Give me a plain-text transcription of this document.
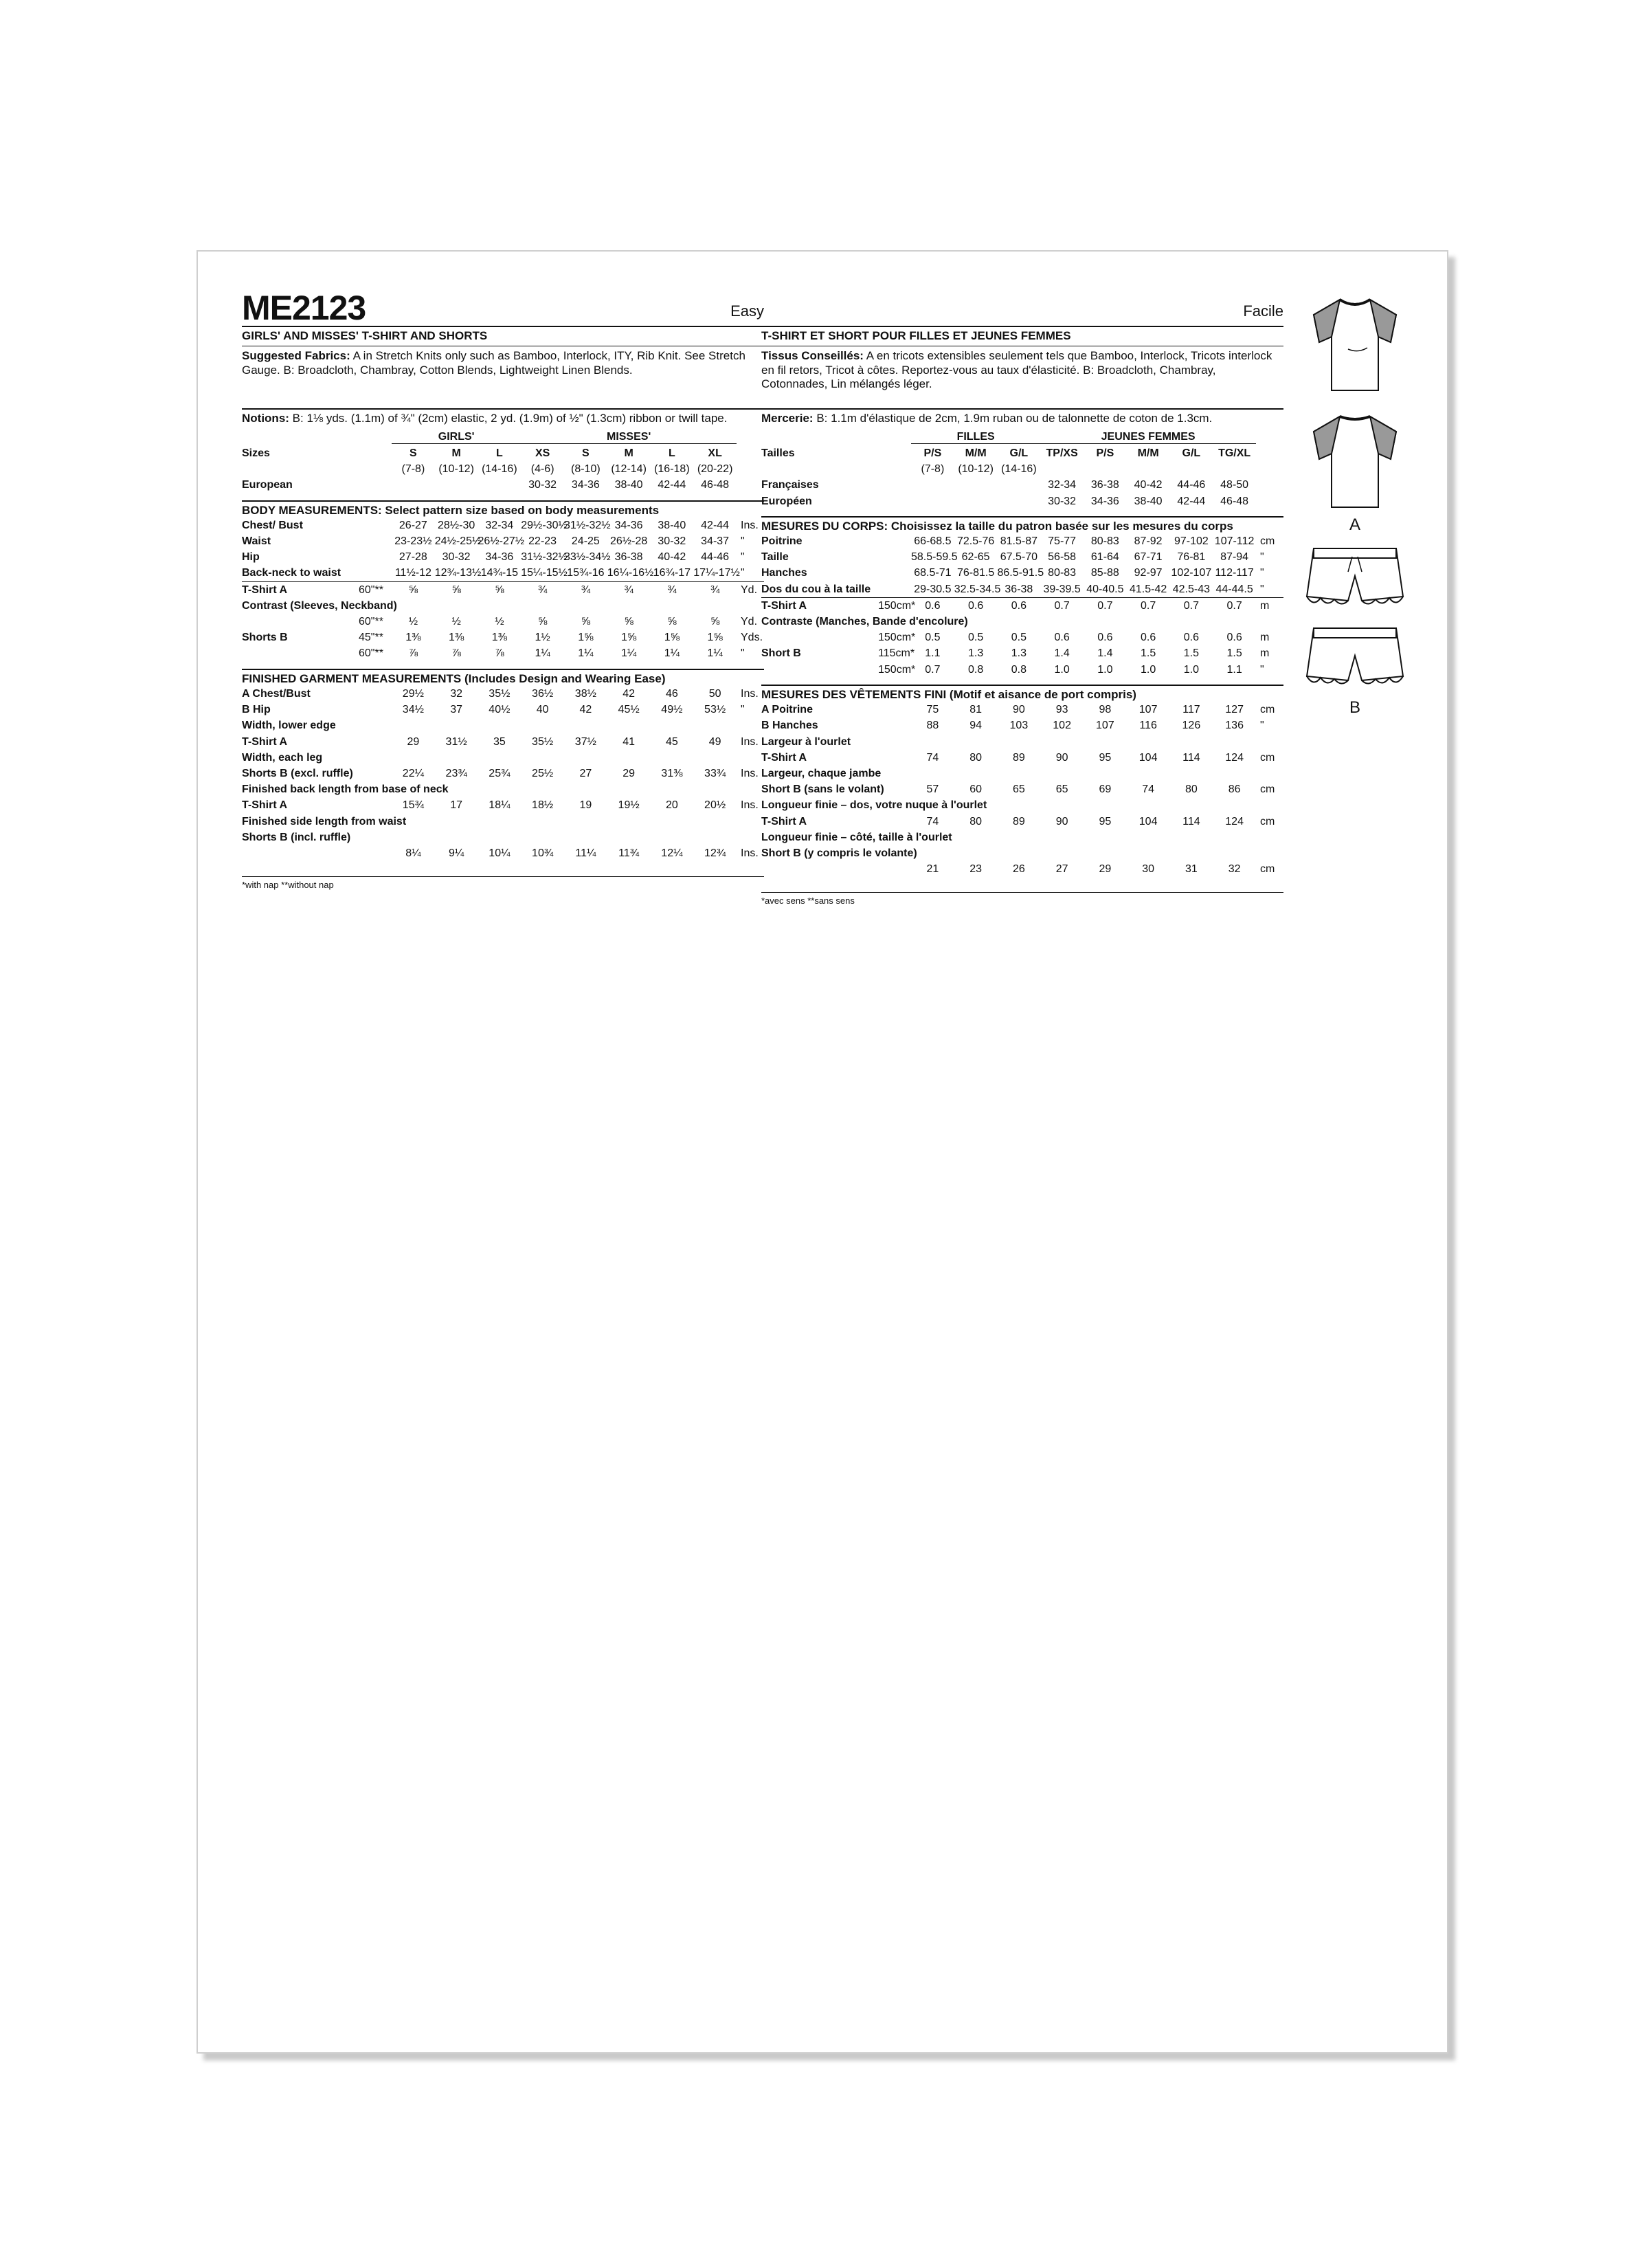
ME2123	Easy
GIRLS' AND MISSES' T-SHIRT AND SHORTS
Suggested Fabrics: A in Stretch Knits only such as Bamboo, Interlock, ITY, Rib Knit. See Stretch Gauge. B: Broadcloth, Chambray, Cotton Blends, Lightweight Linen Blends.
Notions: B: 1⅛ yds. (1.1m) of ¾" (2cm) elastic, 2 yd. (1.9m) of ½" (1.3cm) ribbon or twill tape.

		GIRLS'			MISSES'					

Sizes		S	M	L	XS	S	M	L	XL	
		(7-8)	(10-12)	(14-16)	(4-6)	(8-10)	(12-14)	(16-18)	(20-22)	
European					30-32	34-36	38-40	42-44	46-48	
BODY MEASUREMENTS: Select pattern size based on body measurements
Chest/ Bust		26-27	28½-30	32-34	29½-30½	31½-32½	34-36	38-40	42-44	Ins.
Waist		23-23½	24½-25½	26½-27½	22-23	24-25	26½-28	30-32	34-37	"
Hip		27-28	30-32	34-36	31½-32½	33½-34½	36-38	40-42	44-46	"
Back-neck to waist		11½-12	12¾-13½	14¾-15	15¼-15½	15¾-16	16¼-16½	16¾-17	17¼-17½	"
T-Shirt A	60"**	⅝	⅝	⅝	¾	¾	¾	¾	¾	Yd.
Contrast (Sleeves, Neckband)										
	60"**	½	½	½	⅝	⅝	⅝	⅝	⅝	Yd.
Shorts B	45"**	1⅜	1⅜	1⅜	1½	1⅝	1⅝	1⅝	1⅝	Yds.
	60"**	⅞	⅞	⅞	1¼	1¼	1¼	1¼	1¼	"
FINISHED GARMENT MEASUREMENTS (Includes Design and Wearing Ease)
A Chest/Bust		29½	32	35½	36½	38½	42	46	50	Ins.
B Hip		34½	37	40½	40	42	45½	49½	53½	"
Width, lower edge										
T-Shirt A		29	31½	35	35½	37½	41	45	49	Ins.
Width, each leg										
Shorts B (excl. ruffle)		22¼	23¾	25¾	25½	27	29	31⅜	33¾	Ins.
Finished back length from base of neck										
T-Shirt A		15¾	17	18¼	18½	19	19½	20	20½	Ins.
Finished side length from waist										
Shorts B (incl. ruffle)										
		8¼	9¼	10¼	10¾	11¼	11¾	12¼	12¾	Ins.
*with nap **without nap
Facile
T-SHIRT ET SHORT POUR FILLES ET JEUNES FEMMES
Tissus Conseillés: A en tricots extensibles seulement tels que Bamboo, Interlock, Tricots interlock en fil retors, Tricot à côtes. Reportez-vous au taux d'élasticité. B: Broadcloth, Chambray, Cotonnades, Lin mélangés léger.
Mercerie: B: 1.1m d'élastique de 2cm, 1.9m ruban ou de talonnette de coton de 1.3cm.

		FILLES			JEUNES FEMMES					

Tailles		P/S	M/M	G/L	TP/XS	P/S	M/M	G/L	TG/XL	
		(7-8)	(10-12)	(14-16)						
Françaises					32-34	36-38	40-42	44-46	48-50	
Européen					30-32	34-36	38-40	42-44	46-48	
MESURES DU CORPS: Choisissez la taille du patron basée sur les mesures du corps
Poitrine		66-68.5	72.5-76	81.5-87	75-77	80-83	87-92	97-102	107-112	cm
Taille		58.5-59.5	62-65	67.5-70	56-58	61-64	67-71	76-81	87-94	"
Hanches		68.5-71	76-81.5	86.5-91.5	80-83	85-88	92-97	102-107	112-117	"
Dos du cou à la taille		29-30.5	32.5-34.5	36-38	39-39.5	40-40.5	41.5-42	42.5-43	44-44.5	"
T-Shirt A	150cm*	0.6	0.6	0.6	0.7	0.7	0.7	0.7	0.7	m
Contraste (Manches, Bande d'encolure)										
	150cm*	0.5	0.5	0.5	0.6	0.6	0.6	0.6	0.6	m
Short B	115cm*	1.1	1.3	1.3	1.4	1.4	1.5	1.5	1.5	m
	150cm*	0.7	0.8	0.8	1.0	1.0	1.0	1.0	1.1	"
MESURES DES VÊTEMENTS FINI (Motif et aisance de port compris)
A Poitrine		75	81	90	93	98	107	117	127	cm
B Hanches		88	94	103	102	107	116	126	136	"
Largeur à l'ourlet										
T-Shirt A		74	80	89	90	95	104	114	124	cm
Largeur, chaque jambe										
Short B (sans le volant)		57	60	65	65	69	74	80	86	cm
Longueur finie – dos, votre nuque à l'ourlet										
T-Shirt A		74	80	89	90	95	104	114	124	cm
Longueur finie – côté, taille à l'ourlet										
Short B (y compris le volante)										
		21	23	26	27	29	30	31	32	cm
*avec sens **sans sens
A
B
